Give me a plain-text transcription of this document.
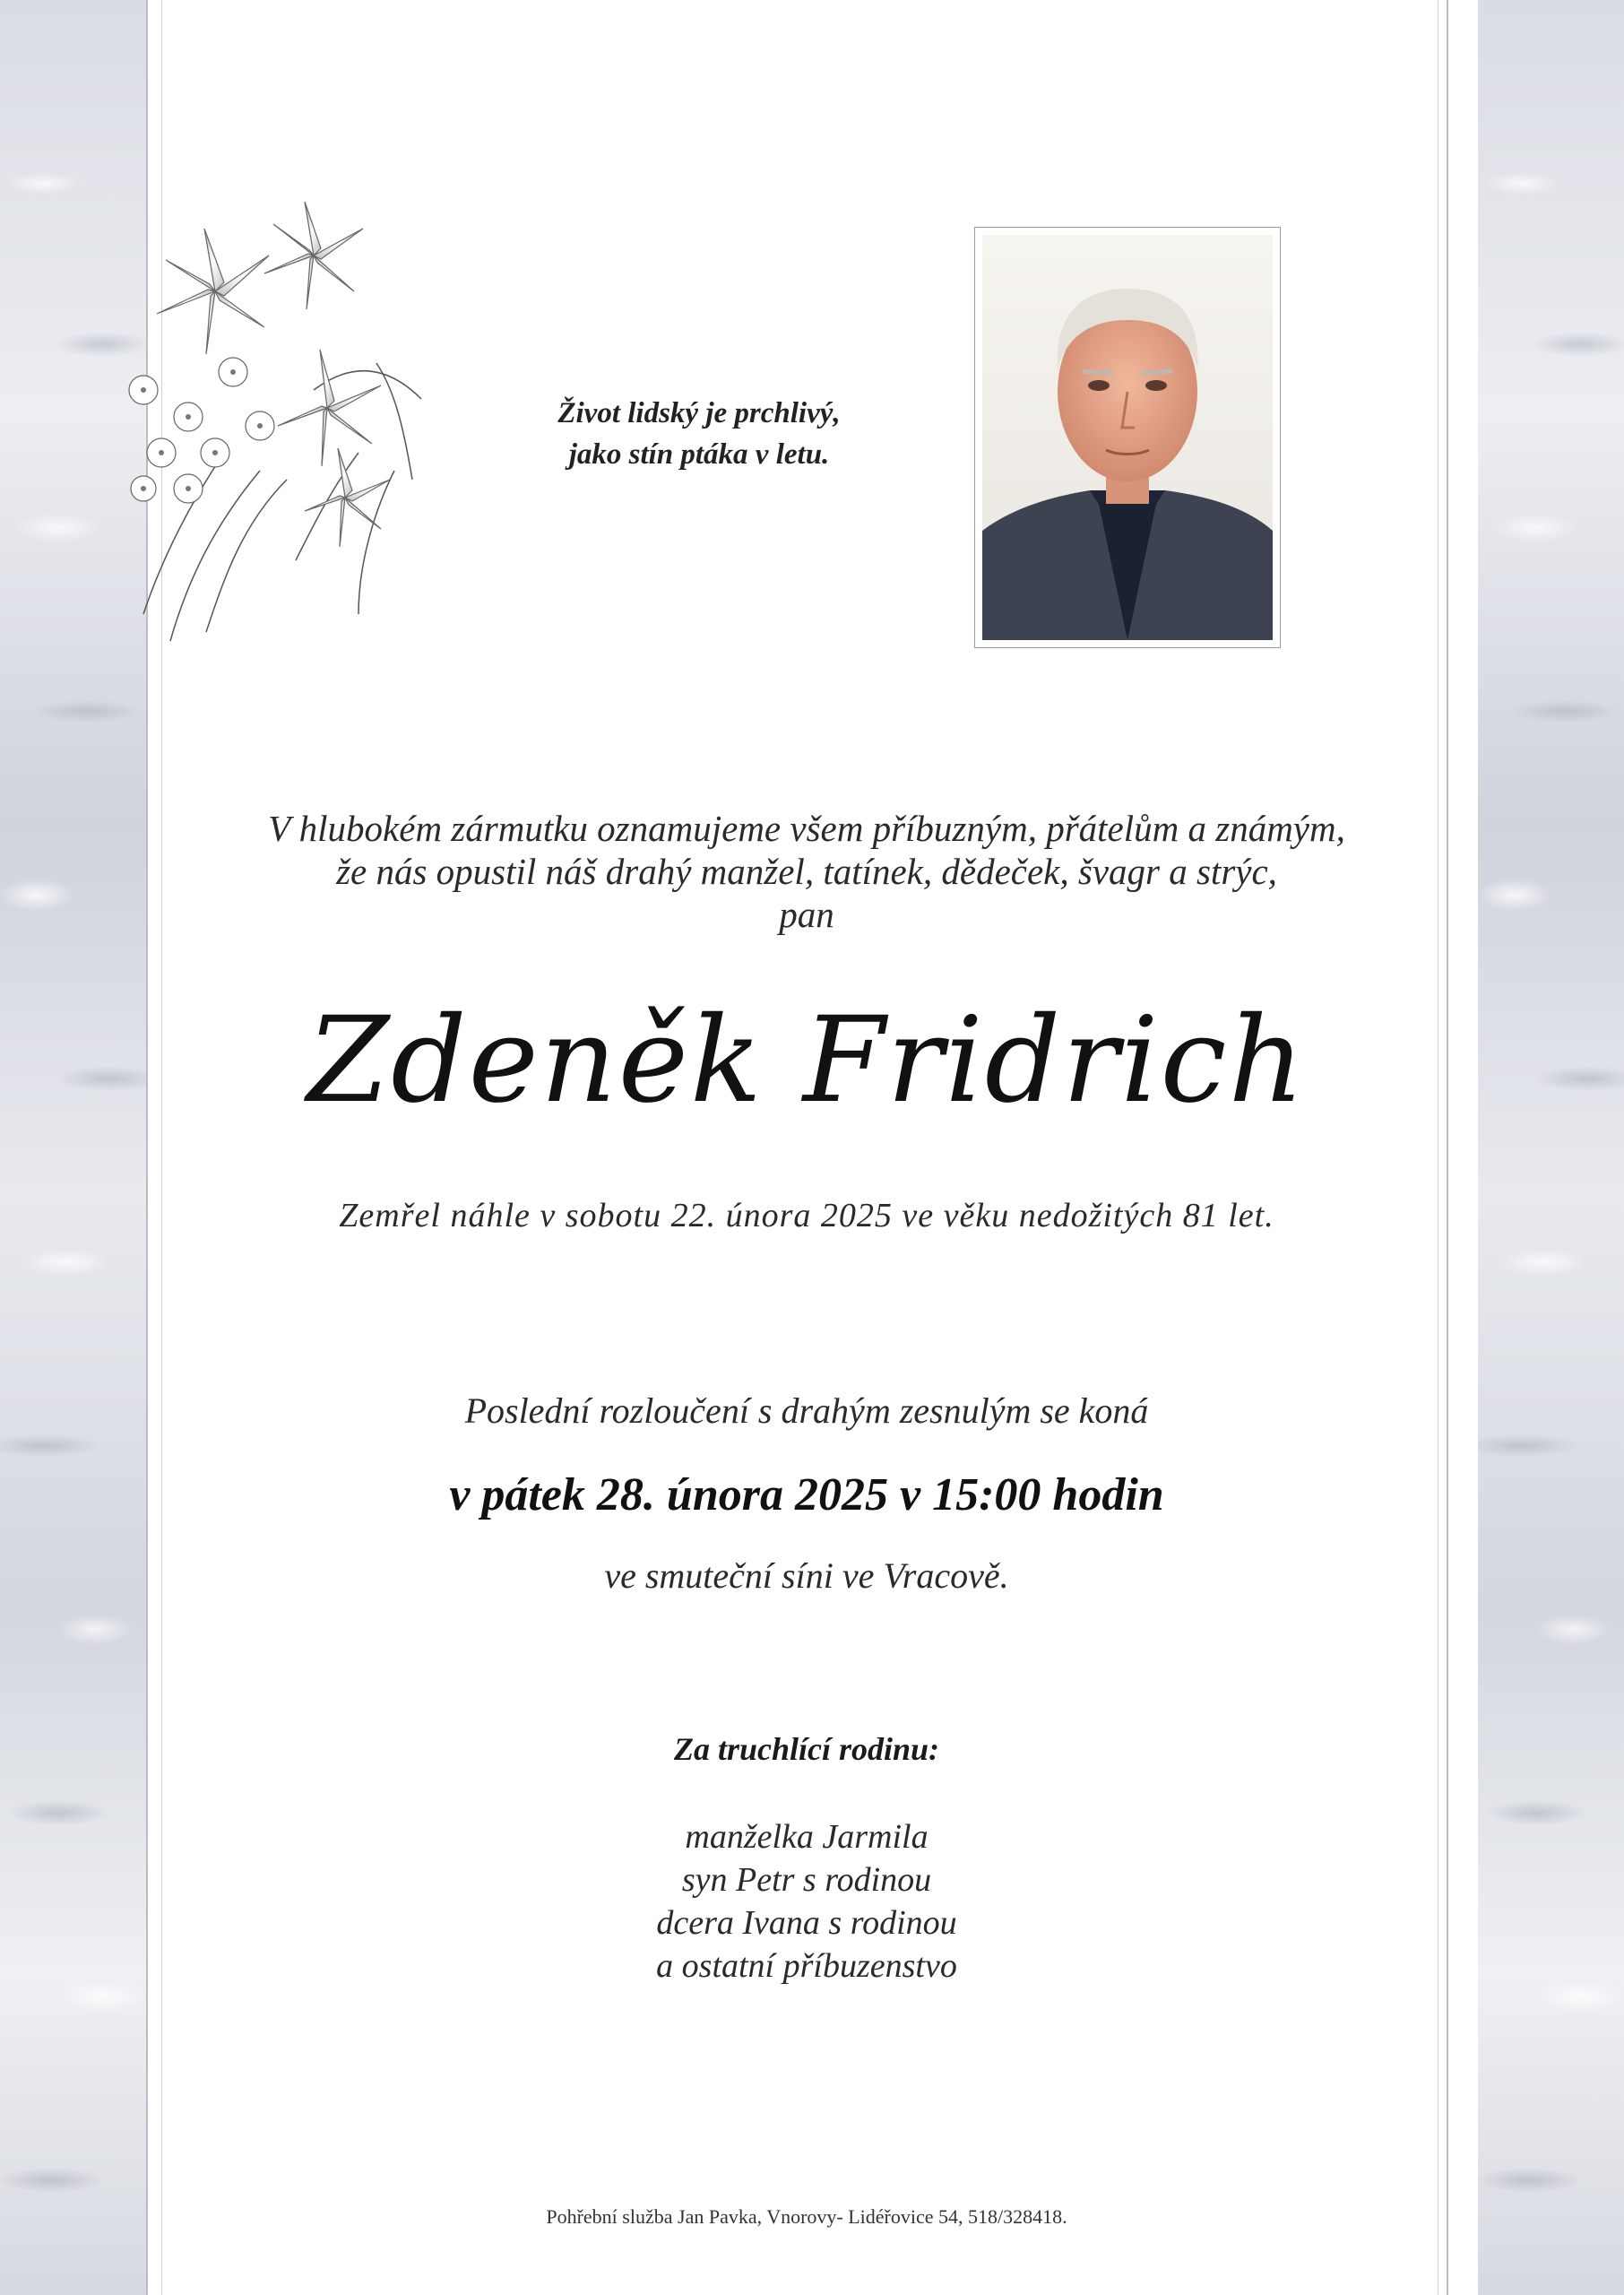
Život lidský je prchlivý,
jako stín ptáka v letu.
V hlubokém zármutku oznamujeme všem příbuzným, přátelům a známým,
že nás opustil náš drahý manžel, tatínek, dědeček, švagr a strýc,
pan
Zdeněk Fridrich
Zemřel náhle v sobotu 22. února 2025 ve věku nedožitých 81 let.
Poslední rozloučení s drahým zesnulým se koná
v pátek 28. února 2025 v 15:00 hodin
ve smuteční síni ve Vracově.
Za truchlící rodinu:
manželka Jarmila
syn Petr s rodinou
dcera Ivana s rodinou
a ostatní příbuzenstvo
Pohřební služba Jan Pavka, Vnorovy- Lidéřovice 54, 518/328418.
